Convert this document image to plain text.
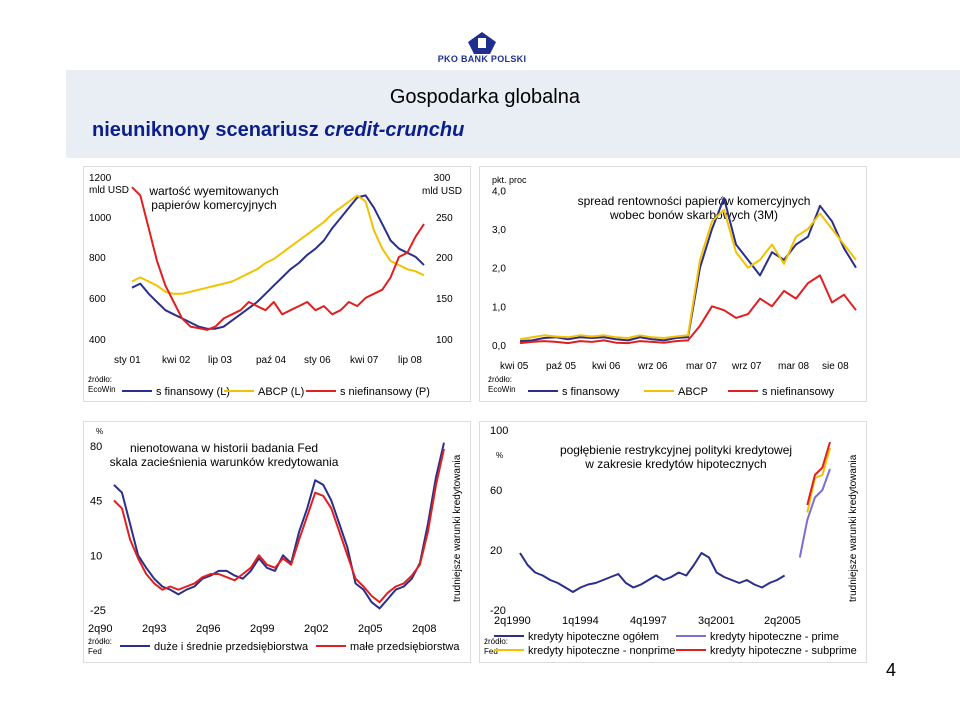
PKO BANK POLSKI
Gospodarka globalna
nieuniknony scenariusz credit-crunchu
1200
mld USD
300
mld USD
400
600
800
1000	250
200
150
100
wartość wyemitowanych
papierów komercyjnych
sty 01 kwi 02 lip 03 paź 04 sty 06 kwi 07 lip 08
źródło:
EcoWin	s finansowy (L)	ABCP (L)	s niefinansowy (P)
pkt. proc
4,0
3,0
2,0
1,0
0,0
spread rentowności papierów komercyjnych
wobec bonów skarbowych (3M)
kwi 05 paź 05 kwi 06 wrz 06 mar 07 wrz 07 mar 08 sie 08
źródło:
EcoWin	s finansowy	ABCP	s niefinansowy
%
80
45
10
-25
nienotowana w historii badania Fed
skala zacieśnienia warunków kredytowania	trudniejsze warunki kredytowania
2q90	2q93	2q96	2q99	2q02	2q05	2q08
źródło:
Fed	duże i średnie przedsiębiorstwa	małe przedsiębiorstwa
%
100
60
20
-20
pogłębienie restrykcyjnej polityki kredytowej
w zakresie kredytów hipotecznych	trudniejsze warunki kredytowania
2q1990	1q1994	4q1997	3q2001	2q2005
źródło:
Fed
kredyty hipoteczne ogółem	kredyty hipoteczne - prime
kredyty hipoteczne - nonprime	kredyty hipoteczne - subprime
4
